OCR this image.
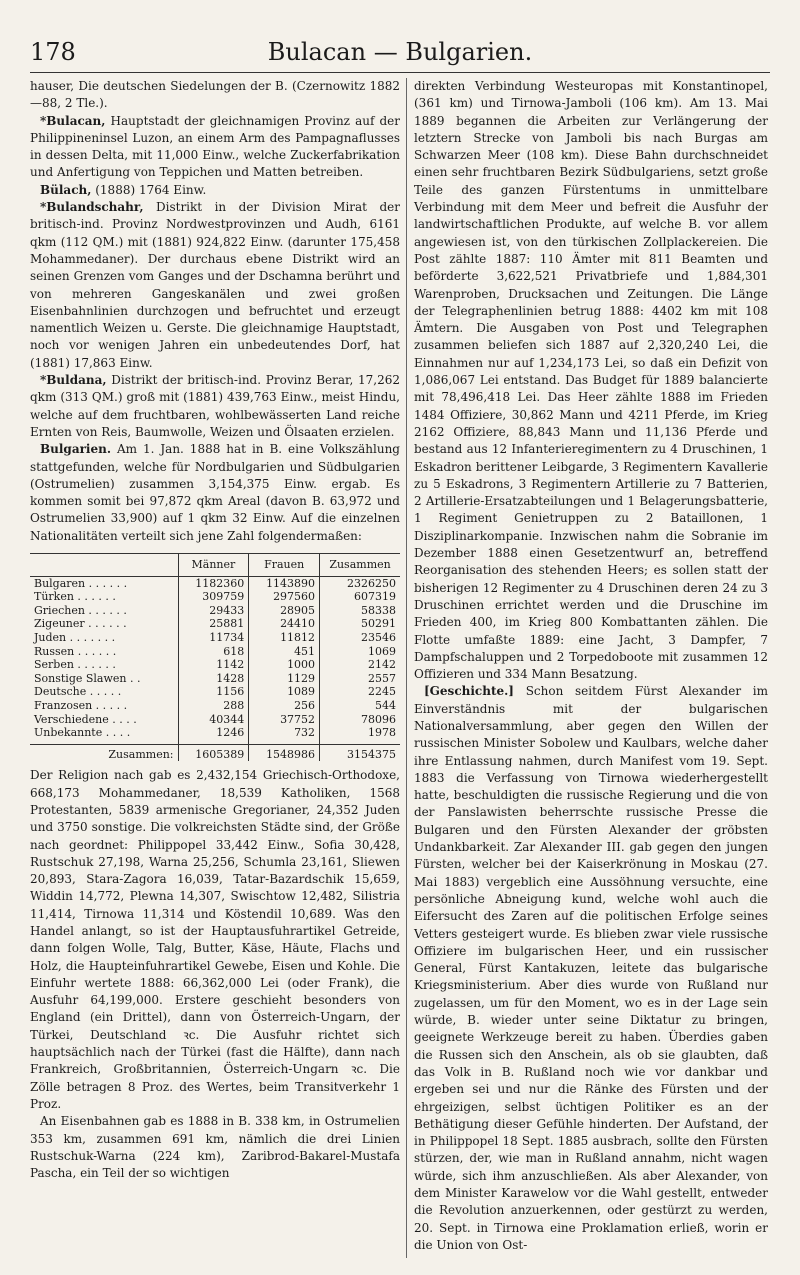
Bulacan — Bulgarien.
178

hauser, Die deutschen Siedelungen der B. (Czernowitz 1882—88, 2 Tle.).

*Bulacan, Hauptstadt der gleichnamigen Provinz auf der Philippineninsel Luzon, an einem Arm des Pampagnaflusses in dessen Delta, mit 11,000 Einw., welche Zuckerfabrikation und Anfertigung von Teppichen und Matten betreiben.

Bülach, (1888) 1764 Einw.

*Bulandschahr, Distrikt in der Division Mirat der britisch-ind. Provinz Nordwestprovinzen und Audh, 6161 qkm (112 QM.) mit (1881) 924,822 Einw. (darunter 175,458 Mohammedaner). Der durchaus ebene Distrikt wird an seinen Grenzen vom Ganges und der Dschamna berührt und von mehreren Gangeskanälen und zwei großen Eisenbahnlinien durchzogen und befruchtet und erzeugt namentlich Weizen u. Gerste. Die gleichnamige Hauptstadt, noch vor wenigen Jahren ein unbedeutendes Dorf, hat (1881) 17,863 Einw.

*Buldana, Distrikt der britisch-ind. Provinz Berar, 17,262 qkm (313 QM.) groß mit (1881) 439,763 Einw., meist Hindu, welche auf dem fruchtbaren, wohlbewässerten Land reiche Ernten von Reis, Baumwolle, Weizen und Ölsaaten erzielen.

Bulgarien. Am 1. Jan. 1888 hat in B. eine Volkszählung stattgefunden, welche für Nordbulgarien und Südbulgarien (Ostrumelien) zusammen 3,154,375 Einw. ergab. Es kommen somit bei 97,872 qkm Areal (davon B. 63,972 und Ostrumelien 33,900) auf 1 qkm 32 Einw. Auf die einzelnen Nationalitäten verteilt sich jene Zahl folgendermaßen:

	Männer	Frauen	Zusammen
Bulgaren . . . . . .	1182360	1143890	2326250
Türken . . . . . .	309759	297560	607319
Griechen . . . . . .	29433	28905	58338
Zigeuner . . . . . .	25881	24410	50291
Juden . . . . . . .	11734	11812	23546
Russen . . . . . .	618	451	1069
Serben . . . . . .	1142	1000	2142
Sonstige Slawen . .	1428	1129	2557
Deutsche . . . . .	1156	1089	2245
Franzosen . . . . .	288	256	544
Verschiedene . . . .	40344	37752	78096
Unbekannte . . . .	1246	732	1978
Zusammen:	1605389	1548986	3154375

Der Religion nach gab es 2,432,154 Griechisch-Orthodoxe, 668,173 Mohammedaner, 18,539 Katholiken, 1568 Protestanten, 5839 armenische Gregorianer, 24,352 Juden und 3750 sonstige. Die volkreichsten Städte sind, der Größe nach geordnet: Philippopel 33,442 Einw., Sofia 30,428, Rustschuk 27,198, Warna 25,256, Schumla 23,161, Sliewen 20,893, Stara-Zagora 16,039, Tatar-Bazardschik 15,659, Widdin 14,772, Plewna 14,307, Swischtow 12,482, Silistria 11,414, Tirnowa 11,314 und Köstendil 10,689. Was den Handel anlangt, so ist der Hauptausfuhrartikel Getreide, dann folgen Wolle, Talg, Butter, Käse, Häute, Flachs und Holz, die Haupteinfuhrartikel Gewebe, Eisen und Kohle. Die Einfuhr wertete 1888: 66,362,000 Lei (oder Frank), die Ausfuhr 64,199,000. Erstere geschieht besonders von England (ein Drittel), dann von Österreich-Ungarn, der Türkei, Deutschland ꝛc. Die Ausfuhr richtet sich hauptsächlich nach der Türkei (fast die Hälfte), dann nach Frankreich, Großbritannien, Österreich-Ungarn ꝛc. Die Zölle betragen 8 Proz. des Wertes, beim Transitverkehr 1 Proz.

An Eisenbahnen gab es 1888 in B. 338 km, in Ostrumelien 353 km, zusammen 691 km, nämlich die drei Linien Rustschuk-Warna (224 km), Zaribrod-Bakarel-Mustafa Pascha, ein Teil der so wichtigen

direkten Verbindung Westeuropas mit Konstantinopel, (361 km) und Tirnowa-Jamboli (106 km). Am 13. Mai 1889 begannen die Arbeiten zur Verlängerung der letztern Strecke von Jamboli bis nach Burgas am Schwarzen Meer (108 km). Diese Bahn durchschneidet einen sehr fruchtbaren Bezirk Südbulgariens, setzt große Teile des ganzen Fürstentums in unmittelbare Verbindung mit dem Meer und befreit die Ausfuhr der landwirtschaftlichen Produkte, auf welche B. vor allem angewiesen ist, von den türkischen Zollplackereien. Die Post zählte 1887: 110 Ämter mit 811 Beamten und beförderte 3,622,521 Privatbriefe und 1,884,301 Warenproben, Drucksachen und Zeitungen. Die Länge der Telegraphenlinien betrug 1888: 4402 km mit 108 Ämtern. Die Ausgaben von Post und Telegraphen zusammen beliefen sich 1887 auf 2,320,240 Lei, die Einnahmen nur auf 1,234,173 Lei, so daß ein Defizit von 1,086,067 Lei entstand. Das Budget für 1889 balancierte mit 78,496,418 Lei. Das Heer zählte 1888 im Frieden 1484 Offiziere, 30,862 Mann und 4211 Pferde, im Krieg 2162 Offiziere, 88,843 Mann und 11,136 Pferde und bestand aus 12 Infanterieregimentern zu 4 Druschinen, 1 Eskadron berittener Leibgarde, 3 Regimentern Kavallerie zu 5 Eskadrons, 3 Regimentern Artillerie zu 7 Batterien, 2 Artillerie-Ersatzabteilungen und 1 Belagerungsbatterie, 1 Regiment Genietruppen zu 2 Bataillonen, 1 Disziplinarkompanie. Inzwischen nahm die Sobranie im Dezember 1888 einen Gesetzentwurf an, betreffend Reorganisation des stehenden Heers; es sollen statt der bisherigen 12 Regimenter zu 4 Druschinen deren 24 zu 3 Druschinen errichtet werden und die Druschine im Frieden 400, im Krieg 800 Kombattanten zählen. Die Flotte umfaßte 1889: eine Jacht, 3 Dampfer, 7 Dampfschaluppen und 2 Torpedoboote mit zusammen 12 Offizieren und 334 Mann Besatzung.

[Geschichte.] Schon seitdem Fürst Alexander im Einverständnis mit der bulgarischen Nationalversammlung, aber gegen den Willen der russischen Minister Sobolew und Kaulbars, welche daher ihre Entlassung nahmen, durch Manifest vom 19. Sept. 1883 die Verfassung von Tirnowa wiederhergestellt hatte, beschuldigten die russische Regierung und die von der Panslawisten beherrschte russische Presse die Bulgaren und den Fürsten Alexander der gröbsten Undankbarkeit. Zar Alexander III. gab gegen den jungen Fürsten, welcher bei der Kaiserkrönung in Moskau (27. Mai 1883) vergeblich eine Aussöhnung versuchte, eine persönliche Abneigung kund, welche wohl auch die Eifersucht des Zaren auf die politischen Erfolge seines Vetters gesteigert wurde. Es blieben zwar viele russische Offiziere im bulgarischen Heer, und ein russischer General, Fürst Kantakuzen, leitete das bulgarische Kriegsministerium. Aber dies wurde von Rußland nur zugelassen, um für den Moment, wo es in der Lage sein würde, B. wieder unter seine Diktatur zu bringen, geeignete Werkzeuge bereit zu haben. Überdies gaben die Russen sich den Anschein, als ob sie glaubten, daß das Volk in B. Rußland noch wie vor dankbar und ergeben sei und nur die Ränke des Fürsten und der ehrgeizigen, selbst üchtigen Politiker es an der Bethätigung dieser Gefühle hinderten. Der Aufstand, der in Philippopel 18 Sept. 1885 ausbrach, sollte den Fürsten stürzen, der, wie man in Rußland annahm, nicht wagen würde, sich ihm anzuschließen. Als aber Alexander, von dem Minister Karawelow vor die Wahl gestellt, entweder die Revolution anzuerkennen, oder gestürzt zu werden, 20. Sept. in Tirnowa eine Proklamation erließ, worin er die Union von Ost-
